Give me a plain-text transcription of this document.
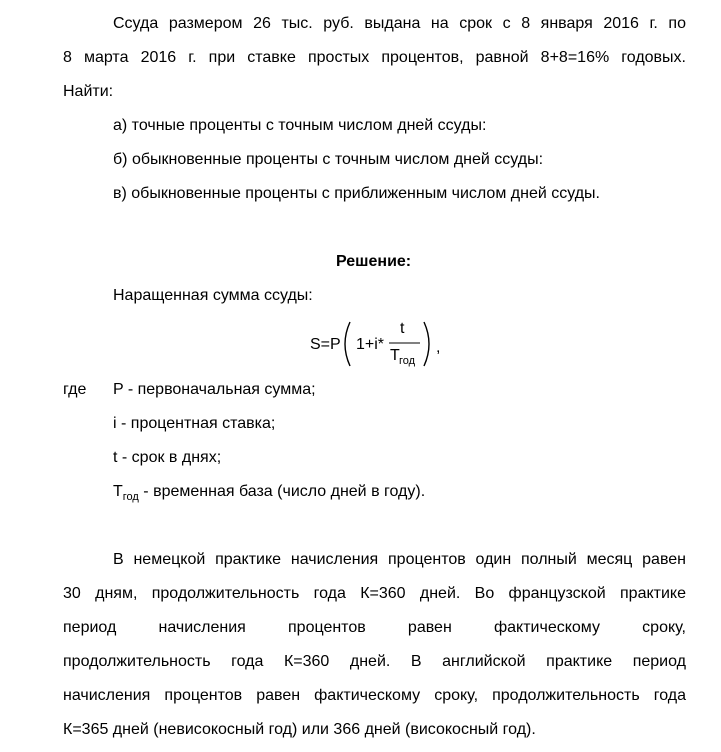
Ссуда размером 26 тыс. руб. выдана на срок с 8 января 2016 г. по
8 марта 2016 г. при ставке простых процентов, равной 8+8=16% годовых.
Найти:
а) точные проценты с точным числом дней ссуды:
б) обыкновенные проценты с точным числом дней ссуды:
в) обыкновенные проценты с приближенным числом дней ссуды.
Решение:
Наращенная сумма ссуды:
S=P 1+i*
t
T год
,
где P - первоначальная сумма;
i - процентная ставка;
t - срок в днях;
$T_{год}$ - временная база (число дней в году).
В немецкой практике начисления процентов один полный месяц равен
30 дням, продолжительность года К=360 дней. Во французской практике
период начисления процентов равен фактическому сроку,
продолжительность года К=360 дней. В английской практике период
начисления процентов равен фактическому сроку, продолжительность года
К=365 дней (невисокосный год) или 366 дней (високосный год).
